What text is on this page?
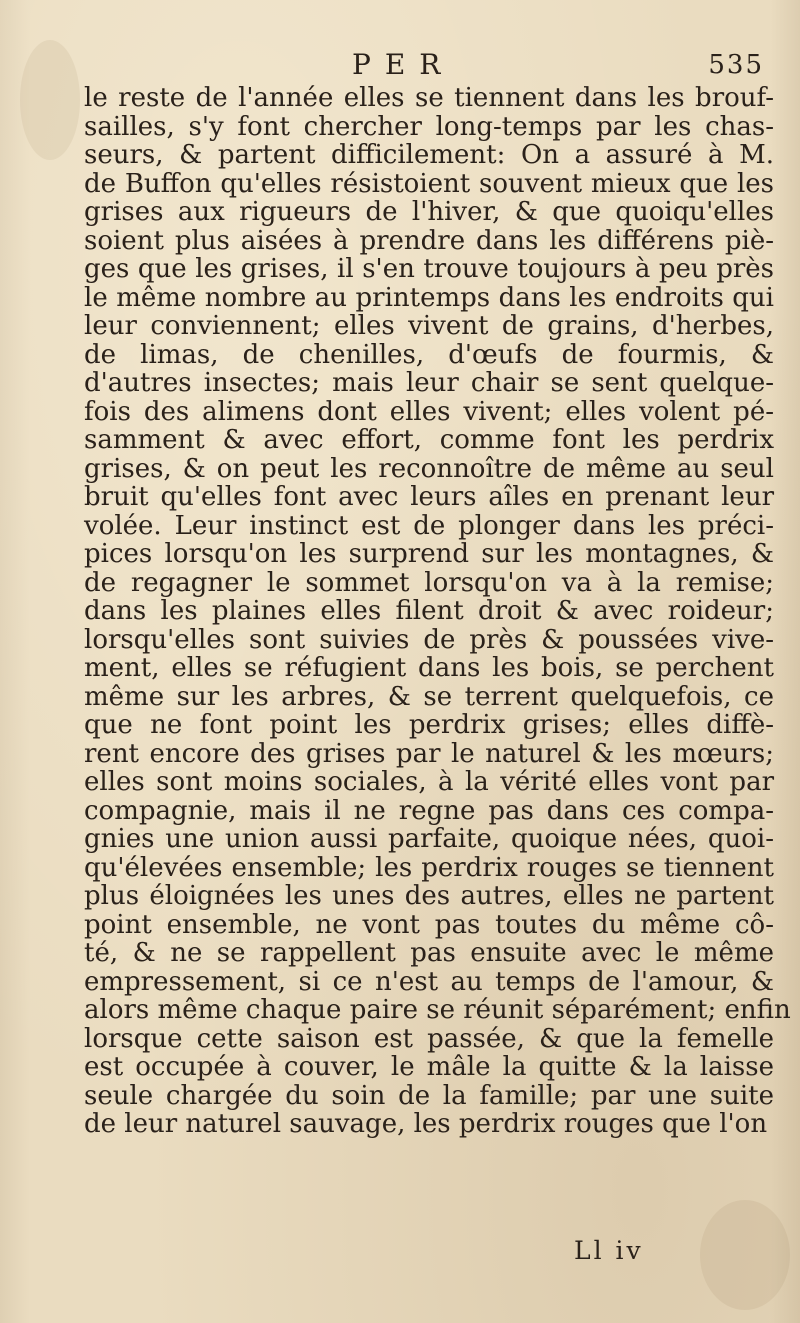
PER	535
le reste de l'année elles se tiennent dans les brouf-
sailles, s'y font chercher long-temps par les chas-
seurs, & partent difficilement: On a assuré à M.
de Buffon qu'elles résistoient souvent mieux que les
grises aux rigueurs de l'hiver, & que quoiqu'elles
soient plus aisées à prendre dans les différens piè-
ges que les grises, il s'en trouve toujours à peu près
le même nombre au printemps dans les endroits qui
leur conviennent; elles vivent de grains, d'herbes,
de limas, de chenilles, d'œufs de fourmis, &
d'autres insectes; mais leur chair se sent quelque-
fois des alimens dont elles vivent; elles volent pé-
samment & avec effort, comme font les perdrix
grises, & on peut les reconnoître de même au seul
bruit qu'elles font avec leurs aîles en prenant leur
volée. Leur instinct est de plonger dans les préci-
pices lorsqu'on les surprend sur les montagnes, &
de regagner le sommet lorsqu'on va à la remise;
dans les plaines elles filent droit & avec roideur;
lorsqu'elles sont suivies de près & poussées vive-
ment, elles se réfugient dans les bois, se perchent
même sur les arbres, & se terrent quelquefois, ce
que ne font point les perdrix grises; elles diffè-
rent encore des grises par le naturel & les mœurs;
elles sont moins sociales, à la vérité elles vont par
compagnie, mais il ne regne pas dans ces compa-
gnies une union aussi parfaite, quoique nées, quoi-
qu'élevées ensemble; les perdrix rouges se tiennent
plus éloignées les unes des autres, elles ne partent
point ensemble, ne vont pas toutes du même cô-
té, & ne se rappellent pas ensuite avec le même
empressement, si ce n'est au temps de l'amour, &
alors même chaque paire se réunit séparément; enfin
lorsque cette saison est passée, & que la femelle
est occupée à couver, le mâle la quitte & la laisse
seule chargée du soin de la famille; par une suite
de leur naturel sauvage, les perdrix rouges que l'on
Ll iv
